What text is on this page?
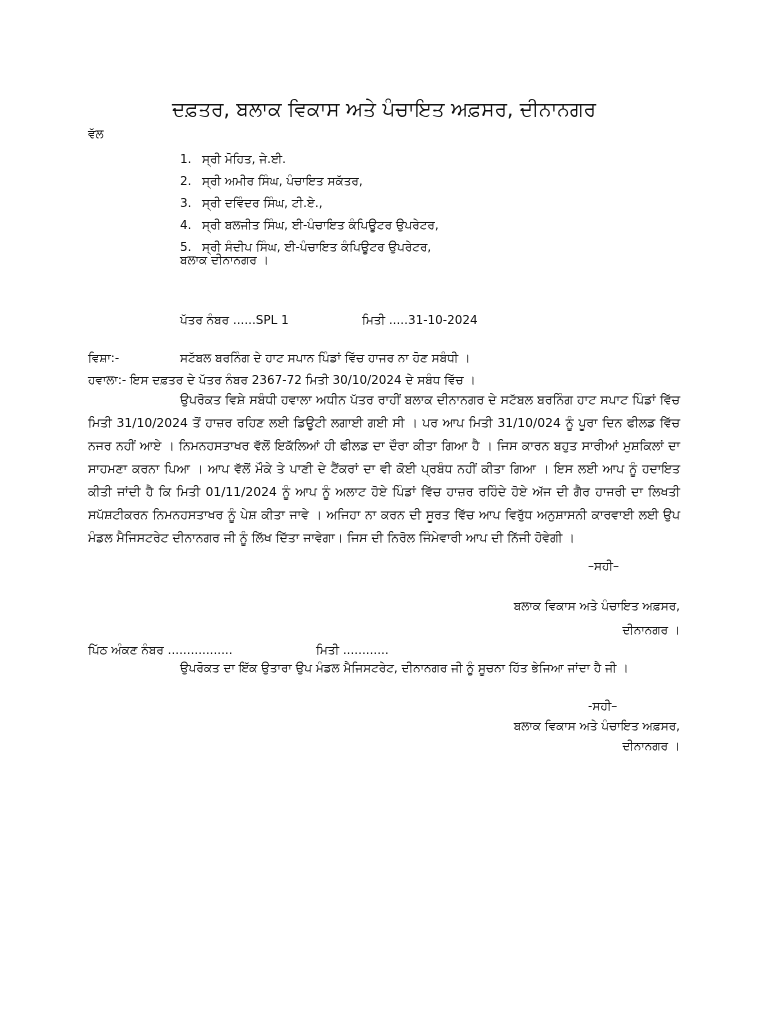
ਦਫ਼ਤਰ, ਬਲਾਕ ਵਿਕਾਸ ਅਤੇ ਪੰਚਾਇਤ ਅਫ਼ਸਰ, ਦੀਨਾਨਗਰ
ਵੱਲ
1. ਸ੍ਰੀ ਮੋਹਿਤ, ਜੇ.ਈ.
2. ਸ੍ਰੀ ਅਮੀਰ ਸਿੰਘ, ਪੰਚਾਇਤ ਸਕੱਤਰ,
3. ਸ੍ਰੀ ਦਵਿੰਦਰ ਸਿੰਘ, ਟੀ.ਏ.,
4. ਸ੍ਰੀ ਬਲਜੀਤ ਸਿੰਘ, ਈ-ਪੰਚਾਇਤ ਕੰਪਿਊਟਰ ਉਪਰੇਟਰ,
5. ਸ੍ਰੀ ਸੰਦੀਪ ਸਿੰਘ, ਈ-ਪੰਚਾਇਤ ਕੰਪਿਊਟਰ ਉਪਰੇਟਰ,
ਬਲਾਕ ਦੀਨਾਨਗਰ ।
ਪੱਤਰ ਨੰਬਰ ......SPL 1	ਮਿਤੀ .....31-10-2024
ਵਿਸ਼ਾ:-	ਸਟੱਬਲ ਬਰਨਿੰਗ ਦੇ ਹਾਟ ਸਪਾਨ ਪਿੰਡਾਂ ਵਿੱਚ ਹਾਜਰ ਨਾ ਹੋਣ ਸਬੰਧੀ ।
ਹਵਾਲਾ:- ਇਸ ਦਫ਼ਤਰ ਦੇ ਪੱਤਰ ਨੰਬਰ 2367-72 ਮਿਤੀ 30/10/2024 ਦੇ ਸਬੰਧ ਵਿੱਚ ।
ਉਪਰੋਕਤ ਵਿਸ਼ੇ ਸਬੰਧੀ ਹਵਾਲਾ ਅਧੀਨ ਪੱਤਰ ਰਾਹੀਂ ਬਲਾਕ ਦੀਨਾਨਗਰ ਦੇ ਸਟੱਬਲ ਬਰਨਿੰਗ ਹਾਟ ਸਪਾਟ ਪਿੰਡਾਂ ਵਿੱਚ ਮਿਤੀ 31/10/2024 ਤੋਂ ਹਾਜ਼ਰ ਰਹਿਣ ਲਈ ਡਿਊਟੀ ਲਗਾਈ ਗਈ ਸੀ । ਪਰ ਆਪ ਮਿਤੀ 31/10/024 ਨੂੰ ਪੂਰਾ ਦਿਨ ਫੀਲਡ ਵਿੱਚ ਨਜਰ ਨਹੀਂ ਆਏ । ਨਿਮਨਹਸਤਾਖਰ ਵੱਲੋਂ ਇਕੱਲਿਆਂ ਹੀ ਫੀਲਡ ਦਾ ਦੌਰਾ ਕੀਤਾ ਗਿਆ ਹੈ । ਜਿਸ ਕਾਰਨ ਬਹੁਤ ਸਾਰੀਆਂ ਮੁਸ਼ਕਿਲਾਂ ਦਾ ਸਾਹਮਣਾ ਕਰਨਾ ਪਿਆ । ਆਪ ਵੱਲੋਂ ਮੌਕੇ ਤੇ ਪਾਣੀ ਦੇ ਟੈਂਕਰਾਂ ਦਾ ਵੀ ਕੋਈ ਪ੍ਰਬੰਧ ਨਹੀਂ ਕੀਤਾ ਗਿਆ । ਇਸ ਲਈ ਆਪ ਨੂੰ ਹਦਾਇਤ ਕੀਤੀ ਜਾਂਦੀ ਹੈ ਕਿ ਮਿਤੀ 01/11/2024 ਨੂੰ ਆਪ ਨੂੰ ਅਲਾਟ ਹੋਏ ਪਿੰਡਾਂ ਵਿੱਚ ਹਾਜ਼ਰ ਰਹਿੰਦੇ ਹੋਏ ਅੱਜ ਦੀ ਗੈਰ ਹਾਜਰੀ ਦਾ ਲਿਖਤੀ ਸਪੱਸ਼ਟੀਕਰਨ ਨਿਮਨਹਸਤਾਖਰ ਨੂੰ ਪੇਸ਼ ਕੀਤਾ ਜਾਵੇ । ਅਜਿਹਾ ਨਾ ਕਰਨ ਦੀ ਸੂਰਤ ਵਿੱਚ ਆਪ ਵਿਰੁੱਧ ਅਨੁਸ਼ਾਸਨੀ ਕਾਰਵਾਈ ਲਈ ਉਪ ਮੰਡਲ ਮੈਜਿਸਟਰੇਟ ਦੀਨਾਨਗਰ ਜੀ ਨੂੰ ਲਿੱਖ ਦਿੱਤਾ ਜਾਵੇਗਾ। ਜਿਸ ਦੀ ਨਿਰੋਲ ਜਿੰਮੇਵਾਰੀ ਆਪ ਦੀ ਨਿੱਜੀ ਹੋਵੇਗੀ ।
–ਸਹੀ–
ਬਲਾਕ ਵਿਕਾਸ ਅਤੇ ਪੰਚਾਇਤ ਅਫ਼ਸਰ,
ਦੀਨਾਨਗਰ ।
ਪਿੱਠ ਅੰਕਣ ਨੰਬਰ .................	ਮਿਤੀ ............
ਉਪਰੋਕਤ ਦਾ ਇੱਕ ਉਤਾਰਾ ਉਪ ਮੰਡਲ ਮੈਜਿਸਟਰੇਟ, ਦੀਨਾਨਗਰ ਜੀ ਨੂੰ ਸੂਚਨਾ ਹਿੱਤ ਭੇਜਿਆ ਜਾਂਦਾ ਹੈ ਜੀ ।
-ਸਹੀ–
ਬਲਾਕ ਵਿਕਾਸ ਅਤੇ ਪੰਚਾਇਤ ਅਫ਼ਸਰ,
ਦੀਨਾਨਗਰ ।
